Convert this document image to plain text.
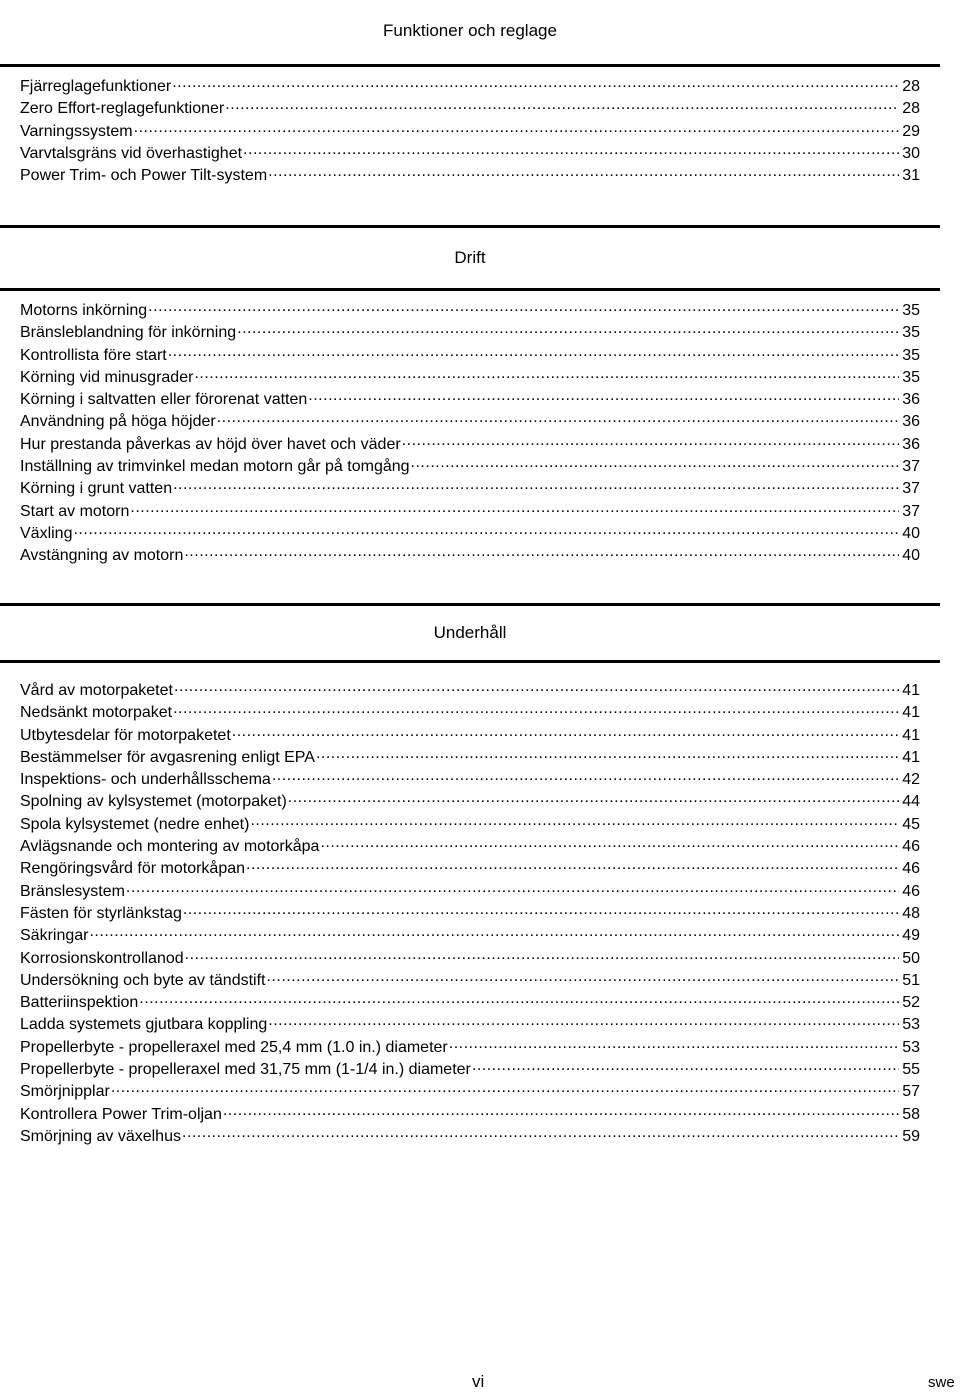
Funktioner och reglage
Fjärreglagefunktioner .....	28
Zero Effort-reglagefunktioner .....	28
Varningssystem .....	29
Varvtalsgräns vid överhastighet .....	30
Power Trim- och Power Tilt-system .....	31
Drift
Motorns inkörning .....	35
Bränsleblandning för inkörning .....	35
Kontrollista före start .....	35
Körning vid minusgrader .....	35
Körning i saltvatten eller förorenat vatten .....	36
Användning på höga höjder .....	36
Hur prestanda påverkas av höjd över havet och väder .....	36
Inställning av trimvinkel medan motorn går på tomgång .....	37
Körning i grunt vatten .....	37
Start av motorn .....	37
Växling .....	40
Avstängning av motorn .....	40
Underhåll
Vård av motorpaketet .....	41
Nedsänkt motorpaket .....	41
Utbytesdelar för motorpaketet .....	41
Bestämmelser för avgasrening enligt EPA .....	41
Inspektions- och underhållsschema .....	42
Spolning av kylsystemet (motorpaket) .....	44
Spola kylsystemet (nedre enhet) .....	45
Avlägsnande och montering av motorkåpa .....	46
Rengöringsvård för motorkåpan .....	46
Bränslesystem .....	46
Fästen för styrlänkstag .....	48
Säkringar .....	49
Korrosionskontrollanod .....	50
Undersökning och byte av tändstift .....	51
Batteriinspektion .....	52
Ladda systemets gjutbara koppling .....	53
Propellerbyte - propelleraxel med 25,4 mm (1.0 in.) diameter .....	53
Propellerbyte - propelleraxel med 31,75 mm (1-1/4 in.) diameter .....	55
Smörjnipplar .....	57
Kontrollera Power Trim-oljan .....	58
Smörjning av växelhus .....	59
vi	swe
